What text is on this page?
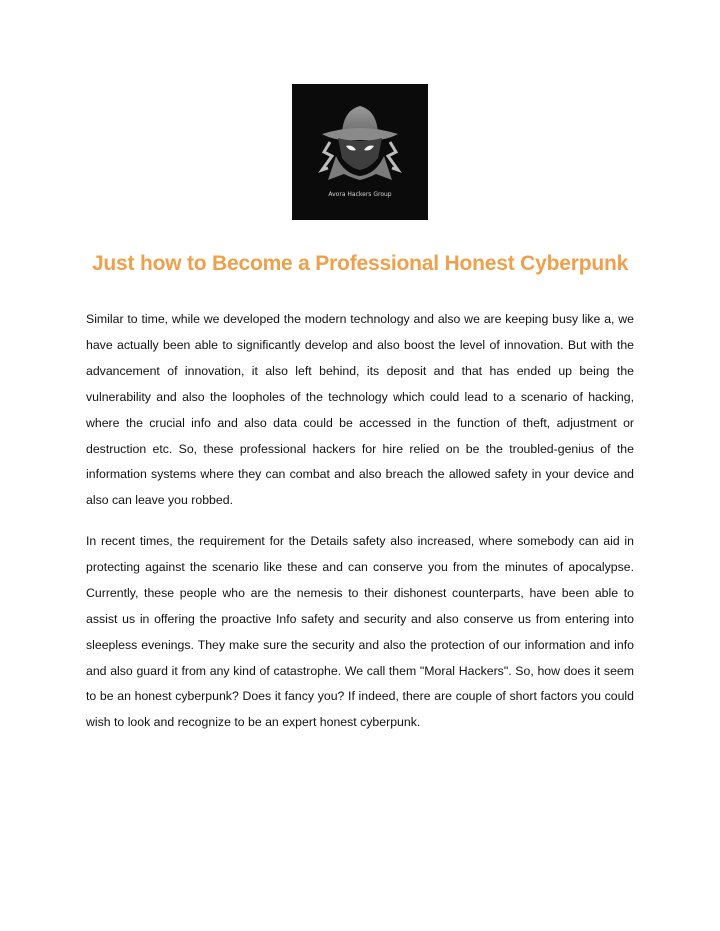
Avora Hackers Group
Just how to Become a Professional Honest Cyberpunk

Similar to time, while we developed the modern technology and also we are keeping busy like a, we have actually been able to significantly develop and also boost the level of innovation. But with the advancement of innovation, it also left behind, its deposit and that has ended up being the vulnerability and also the loopholes of the technology which could lead to a scenario of hacking, where the crucial info and also data could be accessed in the function of theft, adjustment or destruction etc. So, these professional hackers for hire relied on be the troubled-genius of the information systems where they can combat and also breach the allowed safety in your device and also can leave you robbed.

In recent times, the requirement for the Details safety also increased, where somebody can aid in protecting against the scenario like these and can conserve you from the minutes of apocalypse. Currently, these people who are the nemesis to their dishonest counterparts, have been able to assist us in offering the proactive Info safety and security and also conserve us from entering into sleepless evenings. They make sure the security and also the protection of our information and info and also guard it from any kind of catastrophe. We call them "Moral Hackers". So, how does it seem to be an honest cyberpunk? Does it fancy you? If indeed, there are couple of short factors you could wish to look and recognize to be an expert honest cyberpunk.
